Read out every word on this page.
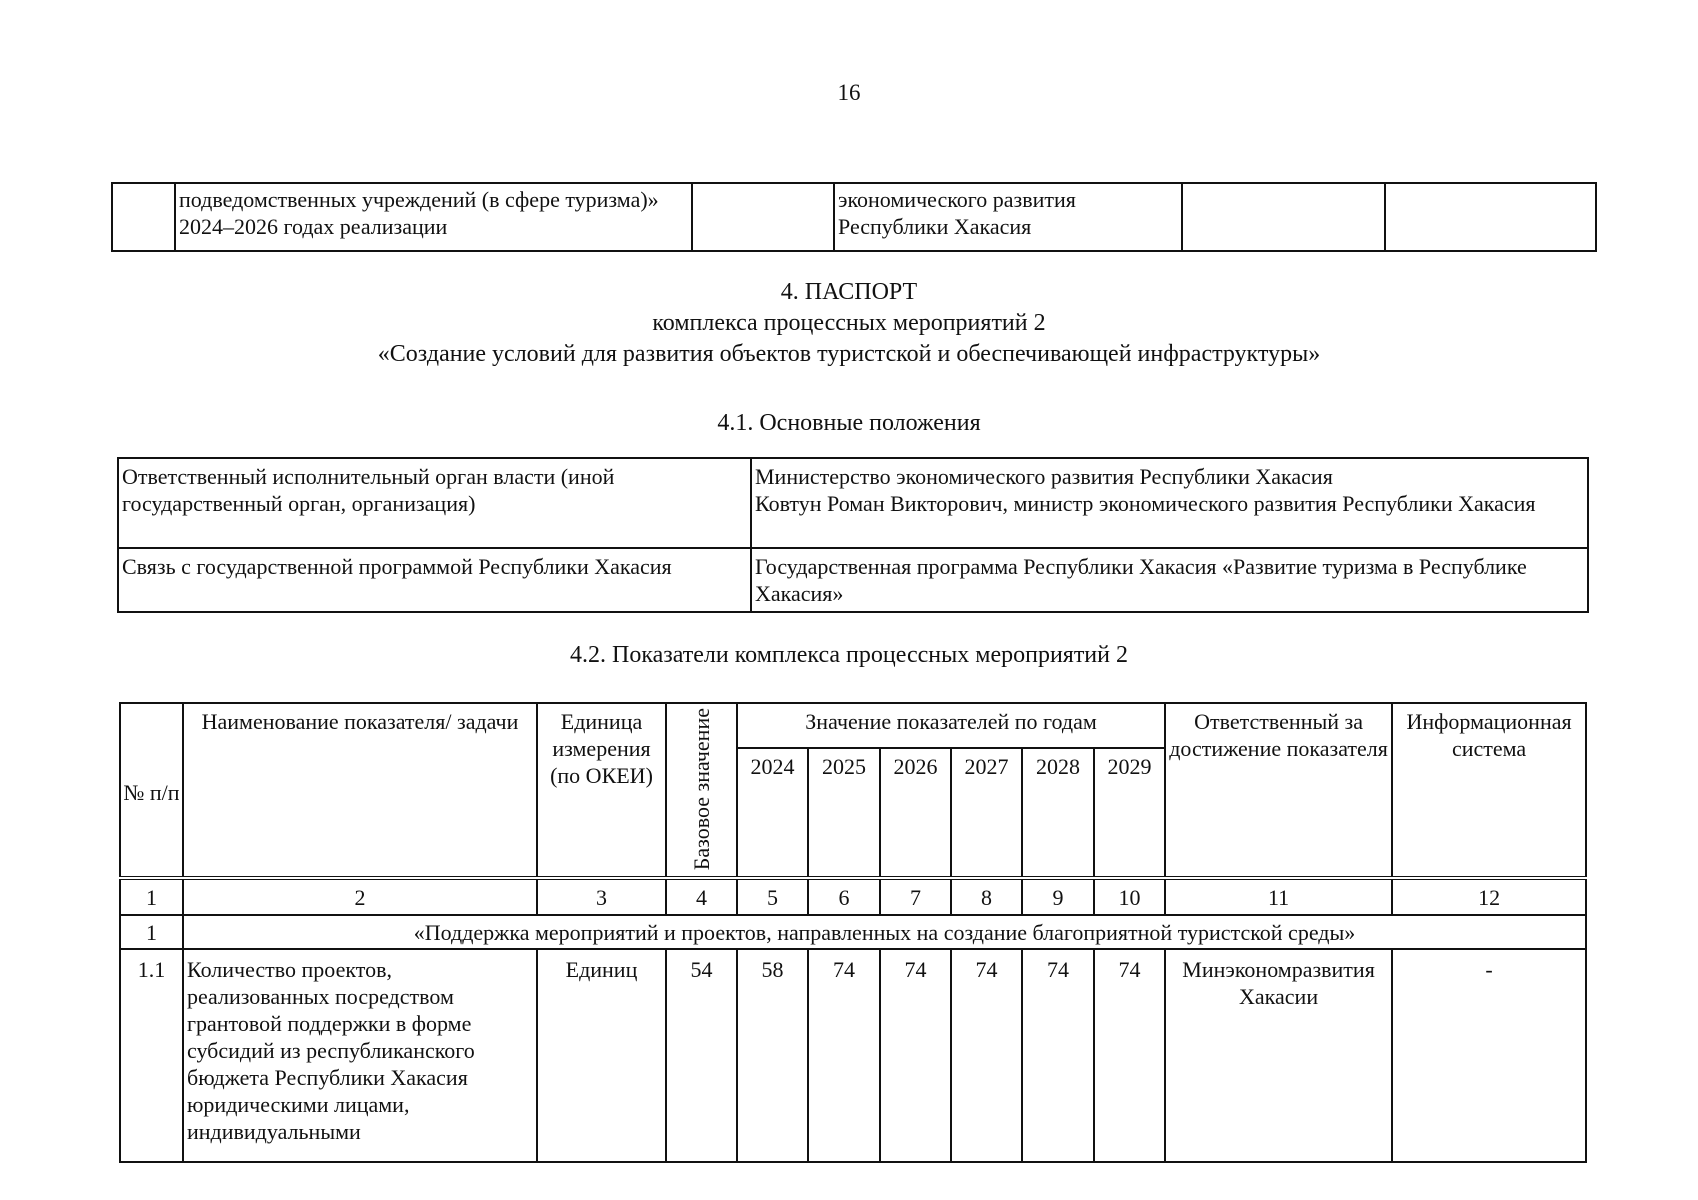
16
	подведомственных учреждений (в сфере туризма)» 2024–2026 годах реализации		экономического развития Республики Хакасия		
4. ПАСПОРТ
комплекса процессных мероприятий 2
«Создание условий для развития объектов туристской и обеспечивающей инфраструктуры»
4.1. Основные положения
Ответственный исполнительный орган власти (иной государственный орган, организация)	Министерство экономического развития Республики Хакасия
Ковтун Роман Викторович, министр экономического развития Республики Хакасия

Связь с государственной программой Республики Хакасия	Государственная программа Республики Хакасия «Развитие туризма в Республике Хакасия»
4.2. Показатели комплекса процессных мероприятий 2
№ п/п	Наименование показателя/ задачи	Единица измерения (по ОКЕИ)	Базовое значение	Значение показателей по годам						Ответственный за достижение показателя	Информационная система
				2024	2025	2026	2027	2028	2029		
1	2	3	4	5	6	7	8	9	10	11	12
1	«Поддержка мероприятий и проектов, направленных на создание благоприятной туристской среды»										
1.1	Количество проектов, реализованных посредством грантовой поддержки в форме субсидий из республиканского бюджета Республики Хакасия юридическими лицами, индивидуальными	Единиц	54	58	74	74	74	74	74	Минэкономразвития Хакасии	-
